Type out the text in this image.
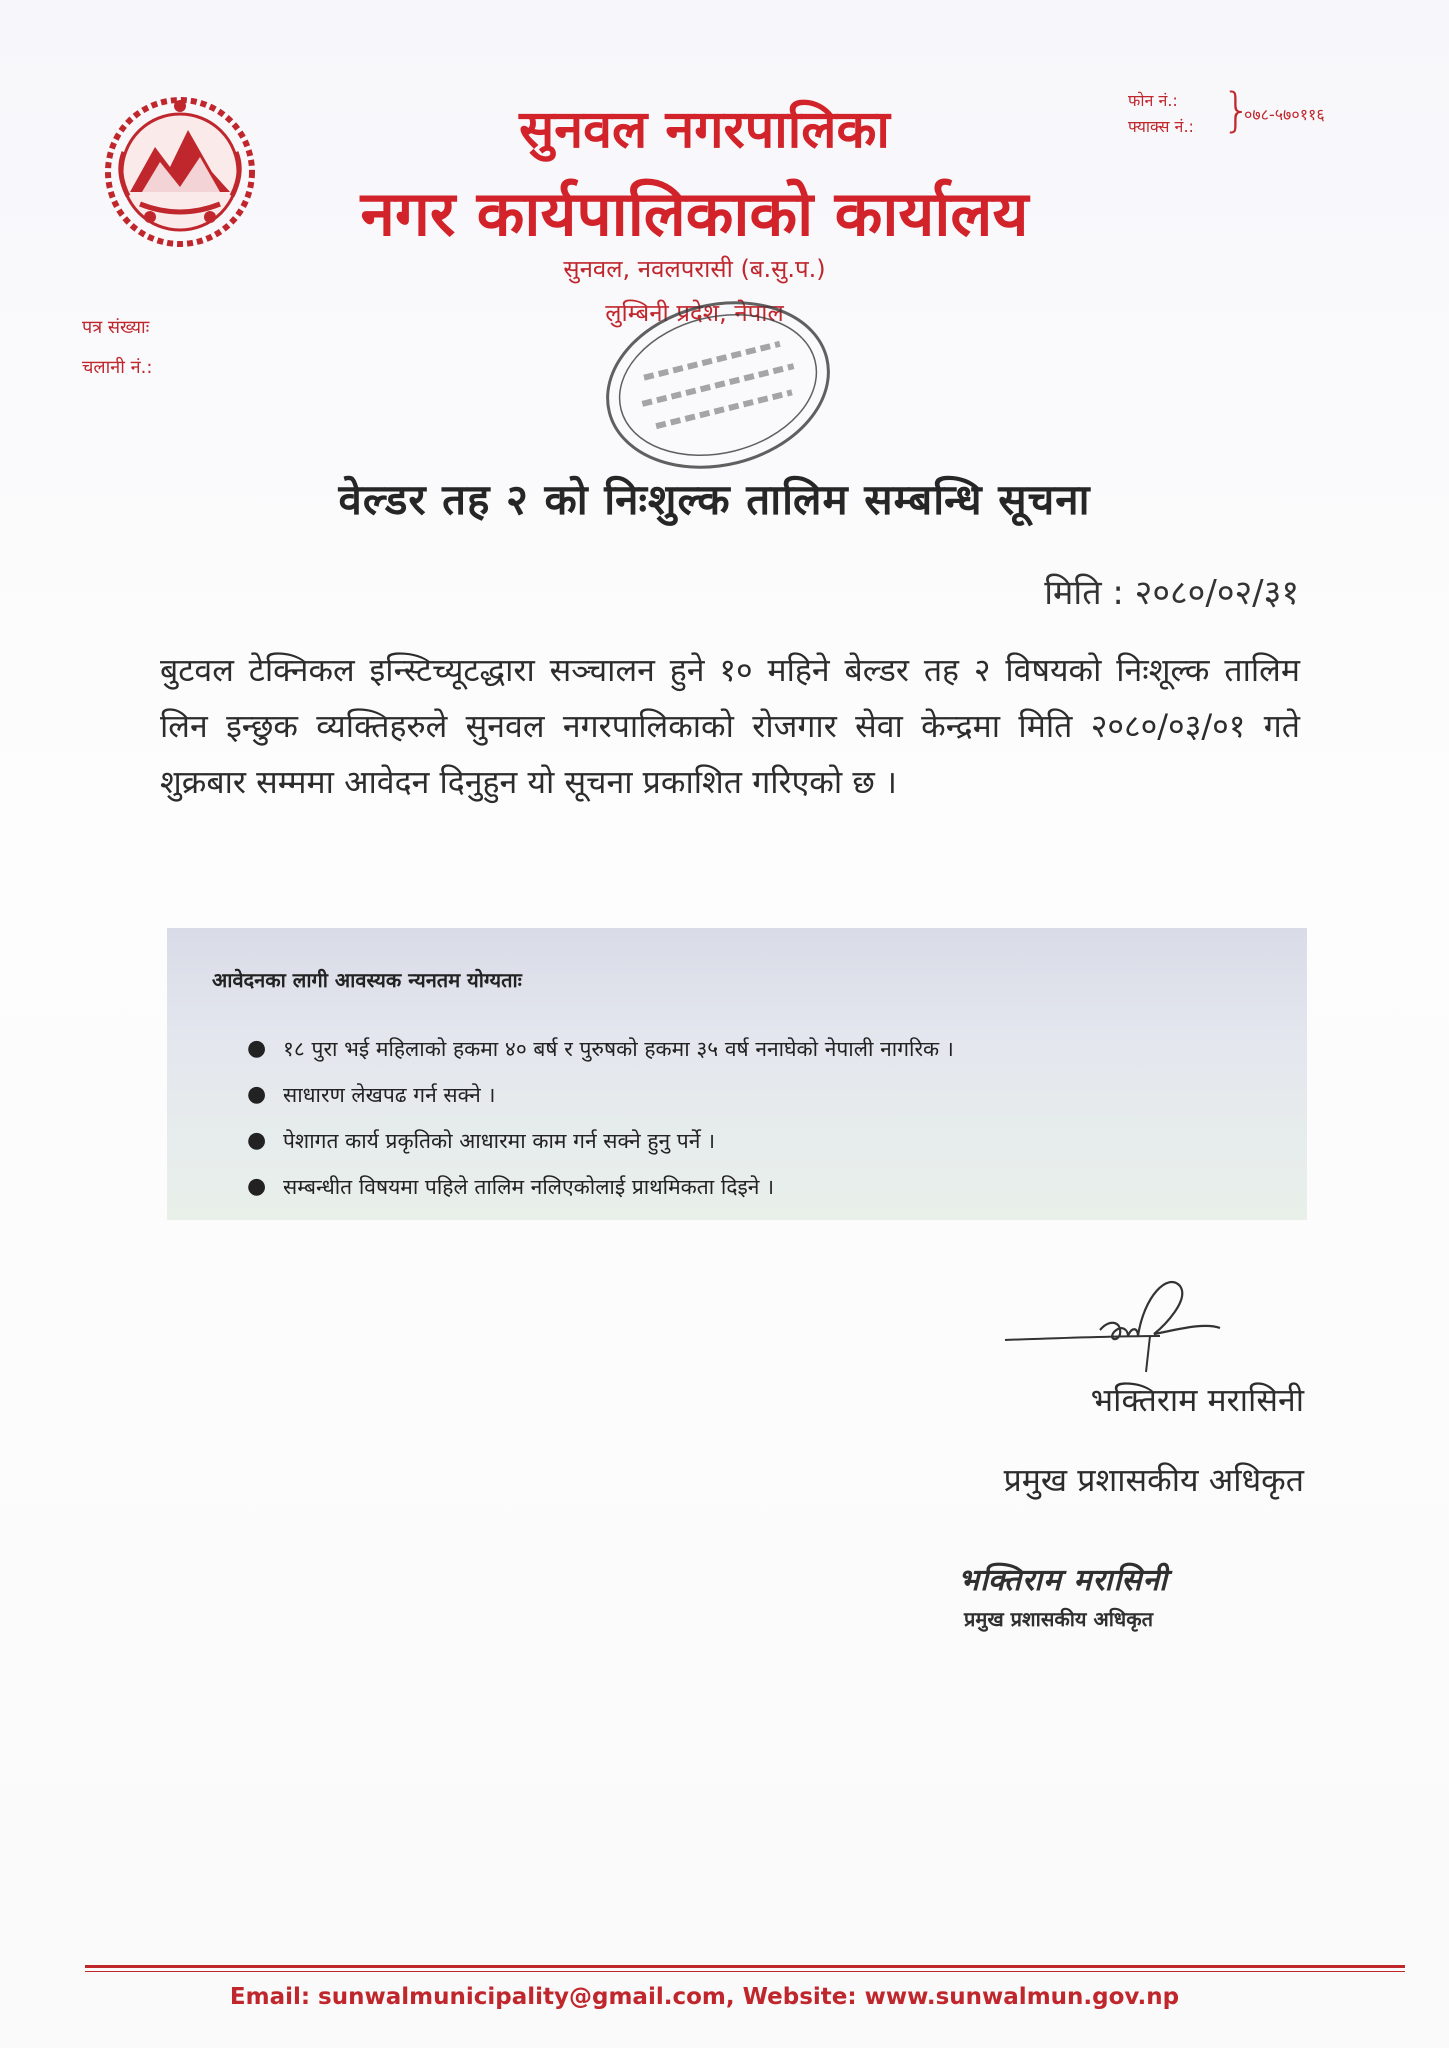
सुनवल नगरपालिका
नगर कार्यपालिकाको कार्यालय

सुनवल, नवलपरासी (ब.सु.प.)

लुम्बिनी प्रदेश, नेपाल

फोन नं.:
फ्याक्स नं.: }
०७८-५७०११६
पत्र संख्याः
चलानी नं.:
वेल्डर तह २ को निःशुल्क तालिम सम्बन्धि सूचना
मिति : २०८०/०२/३१

बुटवल टेक्निकल इन्स्टिच्यूटद्धारा सञ्चालन हुने १० महिने बेल्डर तह २ विषयको निःशूल्क तालिम लिन इन्छुक व्यक्तिहरुले सुनवल नगरपालिकाको रोजगार सेवा केन्द्रमा मिति २०८०/०३/०१ गते शुक्रबार सम्ममा आवेदन दिनुहुन यो सूचना प्रकाशित गरिएको छ ।

आवेदनका लागी आवस्यक न्यनतम योग्यताः

● १८ पुरा भई महिलाको हकमा ४० बर्ष र पुरुषको हकमा ३५ वर्ष ननाघेको नेपाली नागरिक ।
● साधारण लेखपढ गर्न सक्ने ।
● पेशागत कार्य प्रकृतिको आधारमा काम गर्न सक्ने हुनु पर्ने ।
● सम्बन्धीत विषयमा पहिले तालिम नलिएकोलाई प्राथमिकता दिइने ।
भक्तिराम मरासिनी
प्रमुख प्रशासकीय अधिकृत
भक्तिराम मरासिनी
प्रमुख प्रशासकीय अधिकृत
Email: sunwalmunicipality@gmail.com, Website: www.sunwalmun.gov.np
